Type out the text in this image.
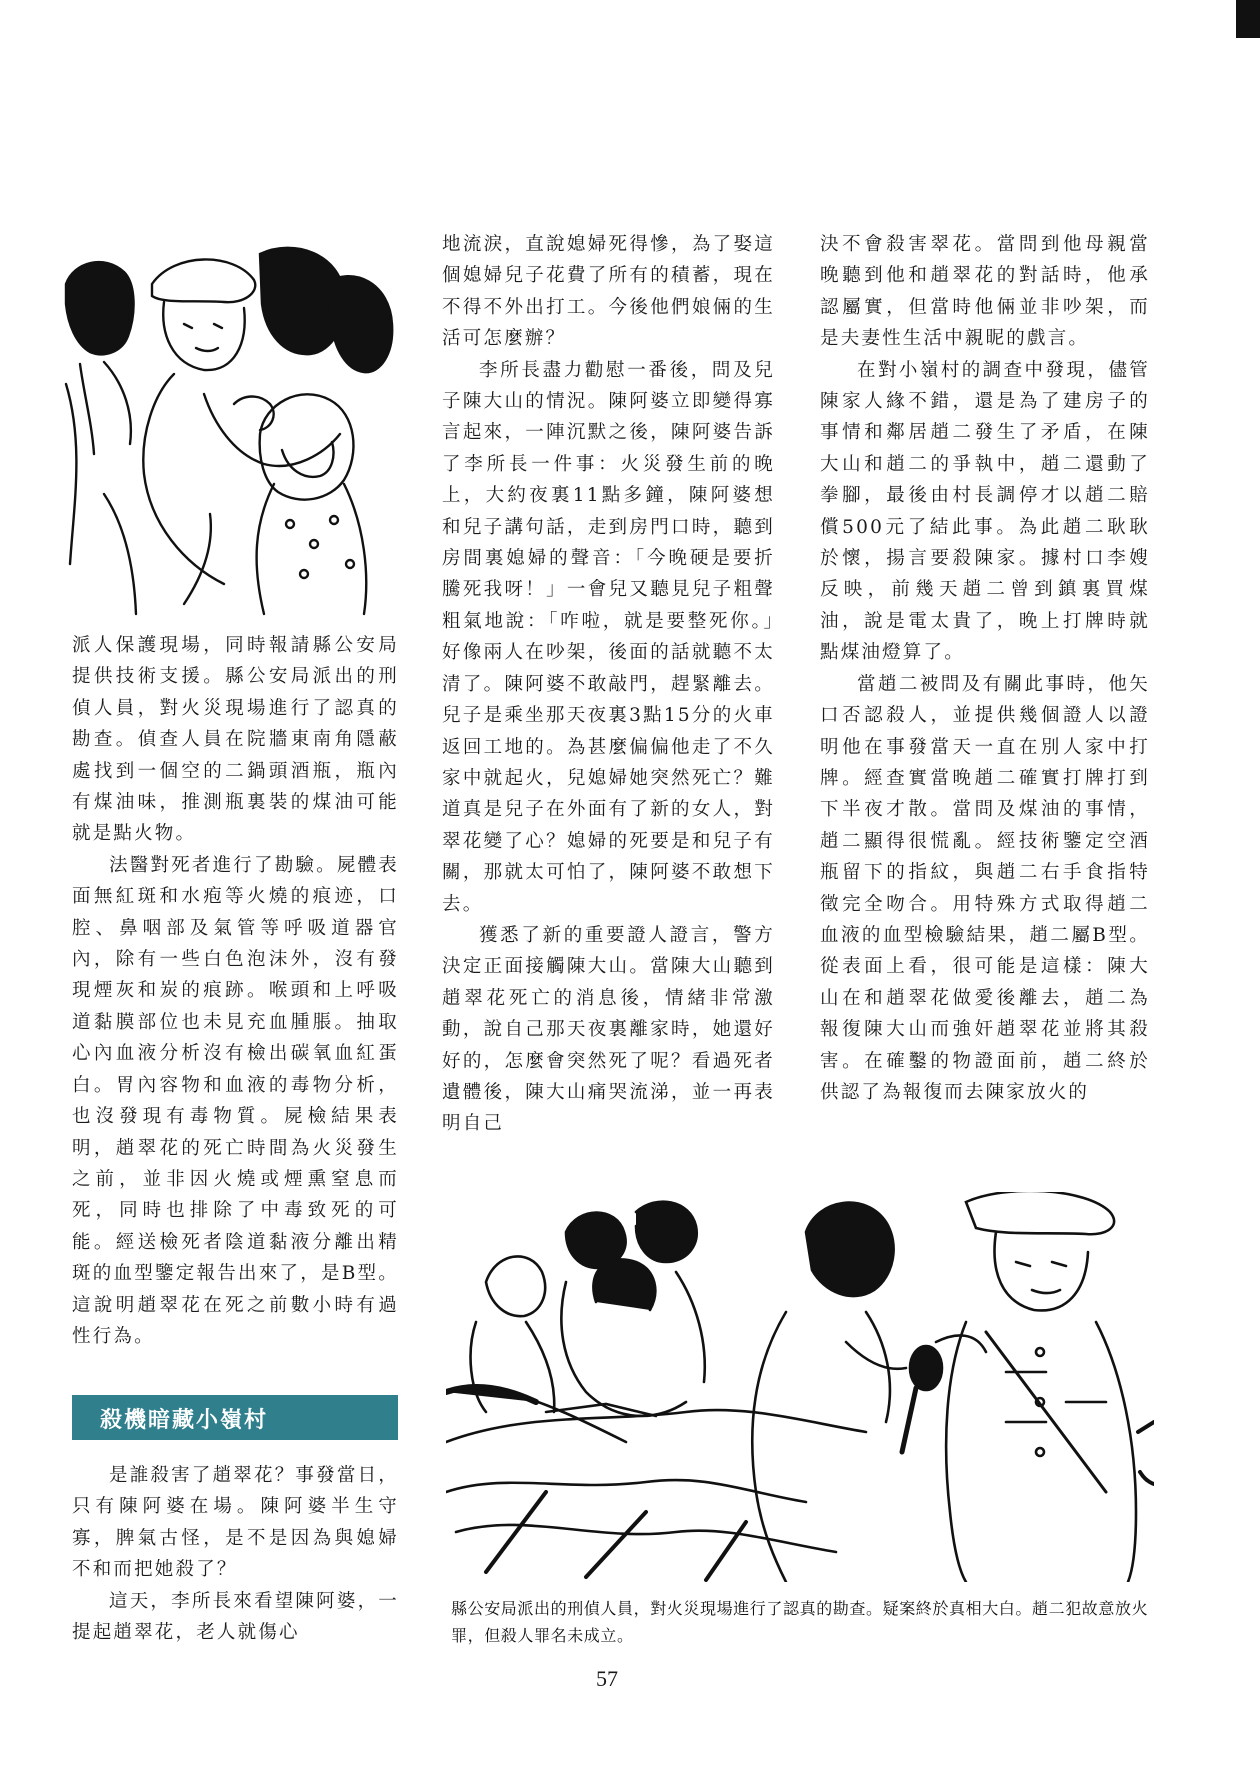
派人保護現場，同時報請縣公安局提供技術支援。縣公安局派出的刑偵人員，對火災現場進行了認真的勘查。偵查人員在院牆東南角隱蔽處找到一個空的二鍋頭酒瓶，瓶內有煤油味，推測瓶裏裝的煤油可能就是點火物。

法醫對死者進行了勘驗。屍體表面無紅斑和水疱等火燒的痕迹，口腔、鼻咽部及氣管等呼吸道器官內，除有一些白色泡沫外，沒有發現煙灰和炭的痕跡。喉頭和上呼吸道黏膜部位也未見充血腫脹。抽取心內血液分析沒有檢出碳氧血紅蛋白。胃內容物和血液的毒物分析，也沒發現有毒物質。屍檢結果表明，趙翠花的死亡時間為火災發生之前，並非因火燒或煙熏窒息而死，同時也排除了中毒致死的可能。經送檢死者陰道黏液分離出精斑的血型鑒定報告出來了，是B型。這說明趙翠花在死之前數小時有過性行為。

殺機暗藏小嶺村

是誰殺害了趙翠花？事發當日，只有陳阿婆在場。陳阿婆半生守寡，脾氣古怪，是不是因為與媳婦不和而把她殺了？

這天，李所長來看望陳阿婆，一提起趙翠花，老人就傷心

地流淚，直說媳婦死得慘，為了娶這個媳婦兒子花費了所有的積蓄，現在不得不外出打工。今後他們娘倆的生活可怎麼辦？

李所長盡力勸慰一番後，問及兒子陳大山的情況。陳阿婆立即變得寡言起來，一陣沉默之後，陳阿婆告訴了李所長一件事：火災發生前的晚上，大約夜裏11點多鐘，陳阿婆想和兒子講句話，走到房門口時，聽到房間裏媳婦的聲音：「今晚硬是要折騰死我呀！」一會兒又聽見兒子粗聲粗氣地說：「咋啦，就是要整死你。」好像兩人在吵架，後面的話就聽不太清了。陳阿婆不敢敲門，趕緊離去。兒子是乘坐那天夜裏3點15分的火車返回工地的。為甚麼偏偏他走了不久家中就起火，兒媳婦她突然死亡？難道真是兒子在外面有了新的女人，對翠花變了心？媳婦的死要是和兒子有關，那就太可怕了，陳阿婆不敢想下去。

獲悉了新的重要證人證言，警方決定正面接觸陳大山。當陳大山聽到趙翠花死亡的消息後，情緒非常激動，說自己那天夜裏離家時，她還好好的，怎麼會突然死了呢？看過死者遺體後，陳大山痛哭流涕，並一再表明自己

決不會殺害翠花。當問到他母親當晚聽到他和趙翠花的對話時，他承認屬實，但當時他倆並非吵架，而是夫妻性生活中親昵的戲言。

在對小嶺村的調查中發現，儘管陳家人緣不錯，還是為了建房子的事情和鄰居趙二發生了矛盾，在陳大山和趙二的爭執中，趙二還動了拳腳，最後由村長調停才以趙二賠償500元了結此事。為此趙二耿耿於懷，揚言要殺陳家。據村口李嫂反映，前幾天趙二曾到鎮裏買煤油，說是電太貴了，晚上打牌時就點煤油燈算了。

當趙二被問及有關此事時，他矢口否認殺人，並提供幾個證人以證明他在事發當天一直在別人家中打牌。經查實當晚趙二確實打牌打到下半夜才散。當問及煤油的事情，趙二顯得很慌亂。經技術鑒定空酒瓶留下的指紋，與趙二右手食指特徵完全吻合。用特殊方式取得趙二血液的血型檢驗結果，趙二屬B型。從表面上看，很可能是這樣：陳大山在和趙翠花做愛後離去，趙二為報復陳大山而強奸趙翠花並將其殺害。在確鑿的物證面前，趙二終於供認了為報復而去陳家放火的

縣公安局派出的刑偵人員，對火災現場進行了認真的勘查。疑案終於真相大白。趙二犯故意放火罪，但殺人罪名未成立。
57
